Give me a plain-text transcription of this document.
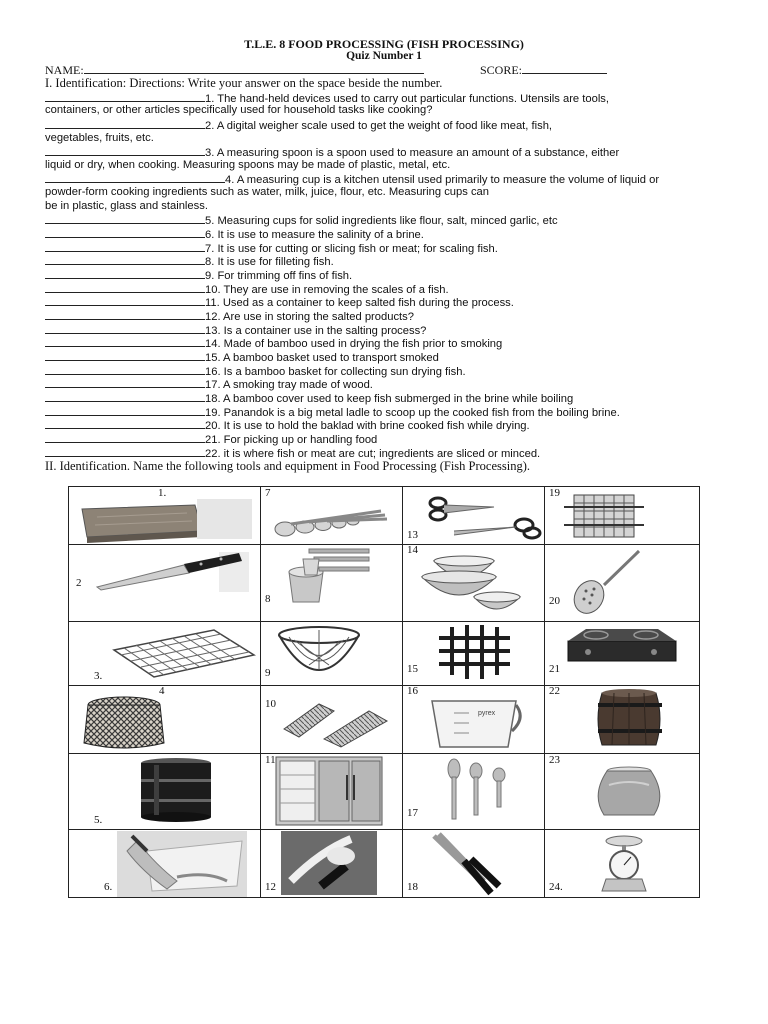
T.L.E. 8 FOOD PROCESSING (FISH PROCESSING)
Quiz Number 1
NAME:	SCORE:
I. Identification: Directions: Write your answer on the space beside the number.
1. The hand-held devices used to carry out particular functions. Utensils are tools,
containers, or other articles specifically used for household tasks like cooking?
2. A digital weigher scale used to get the weight of food like meat, fish,
vegetables, fruits, etc.
3. A measuring spoon is a spoon used to measure an amount of a substance, either
liquid or dry, when cooking. Measuring spoons may be made of plastic, metal, etc.
4. A measuring cup is a kitchen utensil used primarily to measure the volume of liquid or
powder-form cooking ingredients such as water, milk, juice, flour, etc. Measuring cups can
be in plastic, glass and stainless.
5. Measuring cups for solid ingredients like flour, salt, minced garlic, etc
6. It is use to measure the salinity of a brine.
7. It is use for cutting or slicing fish or meat; for scaling fish.
8. It is use for filleting fish.
9. For trimming off fins of fish.
10. They are use in removing the scales of a fish.
11. Used as a container to keep salted fish during the process.
12. Are use in storing the salted products?
13. Is a container use in the salting process?
14. Made of bamboo used in drying the fish prior to smoking
15. A bamboo basket used to transport smoked
16. Is a bamboo basket for collecting sun drying fish.
17. A smoking tray made of wood.
18. A bamboo cover used to keep fish submerged in the brine while boiling
19. Panandok is a big metal ladle to scoop up the cooked fish from the boiling brine.
20. It is use to hold the baklad with brine cooked fish while drying.
21. For picking up or handling food
22. it is where fish or meat are cut; ingredients are sliced or minced.
II. Identification. Name the following tools and equipment in Food Processing (Fish Processing).
1.
2
3.
4
5.
6.
7
8
9
10
11
12
13
14
15
16
17
18
19
20
21
22
23
24.
pyrex
